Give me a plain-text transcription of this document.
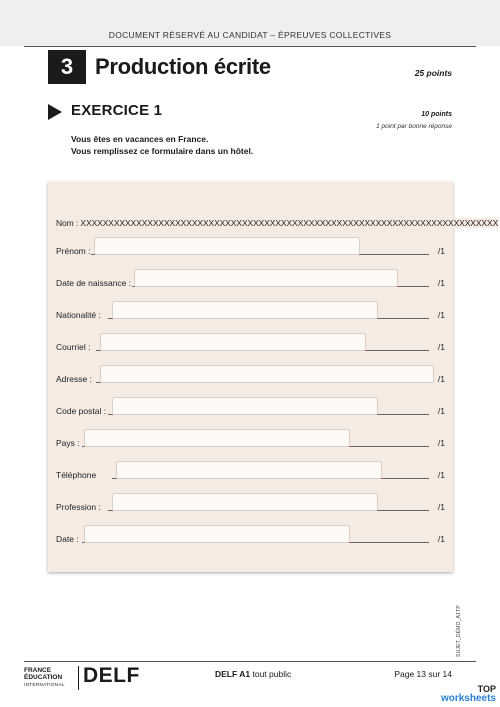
DOCUMENT RÉSERVÉ AU CANDIDAT – ÉPREUVES COLLECTIVES
3 Production écrite	25 points
EXERCICE 1	10 points
1 point par bonne réponse
Vous êtes en vacances en France.
Vous remplissez ce formulaire dans un hôtel.
Nom : XXXXXXXXXXXXXXXXXXXXXXXXXXXXXXXXXXXXXXXXXXXXXXXXXXXXXXXXXXXXXXXXXXXXXXXXXXX
Prénom :	/1
Date de naissance :	/1
Nationalité :	/1
Courriel :	/1
Adresse :	/1
Code postal :	/1
Pays :	/1
Téléphone	/1
Profession :	/1
Date :	/1
SUJET_DÉMO_A1TP
FRANCE
ÉDUCATION
INTERNATIONAL DELF	DELF A1 tout public	Page 13 sur 14
TOP
worksheets
